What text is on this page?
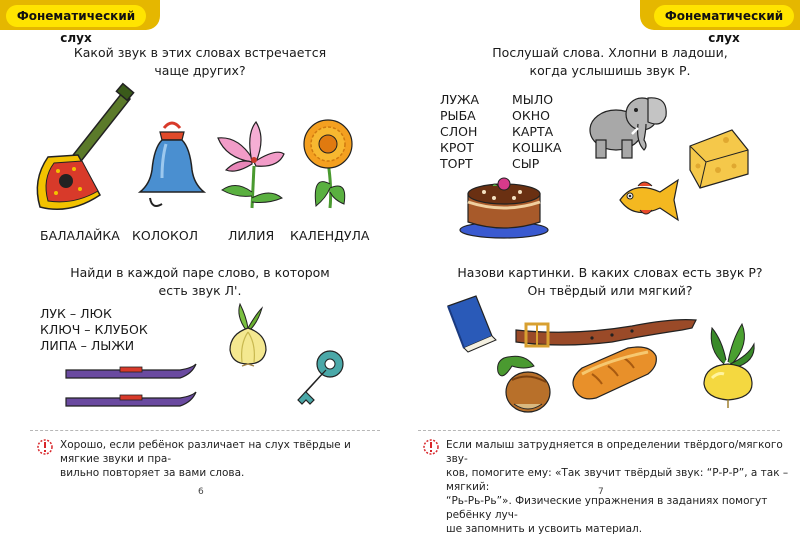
Фонематический слух
Какой звук в этих словах встречается
чаще других?
БАЛАЛАЙКА КОЛОКОЛ ЛИЛИЯ КАЛЕНДУЛА
Найди в каждой паре слово, в котором
есть звук Л'.
ЛУК – ЛЮК
КЛЮЧ – КЛУБОК
ЛИПА – ЛЫЖИ
Хорошо, если ребёнок различает на слух твёрдые и мягкие звуки и пра-
вильно повторяет за вами слова.
6
Фонематический слух
Послушай слова. Хлопни в ладоши,
когда услышишь звук Р.
ЛУЖА
РЫБА
СЛОН
КРОТ
ТОРТ
МЫЛО
ОКНО
КАРТА
КОШКА
СЫР
Назови картинки. В каких словах есть звук Р?
Он твёрдый или мягкий?
Если малыш затрудняется в определении твёрдого/мягкого зву-
ков, помогите ему: «Так звучит твёрдый звук: “Р-Р-Р”, а так – мягкий:
“Рь-Рь-Рь”». Физические упражнения в заданиях помогут ребёнку луч-
ше запомнить и усвоить материал.
7
